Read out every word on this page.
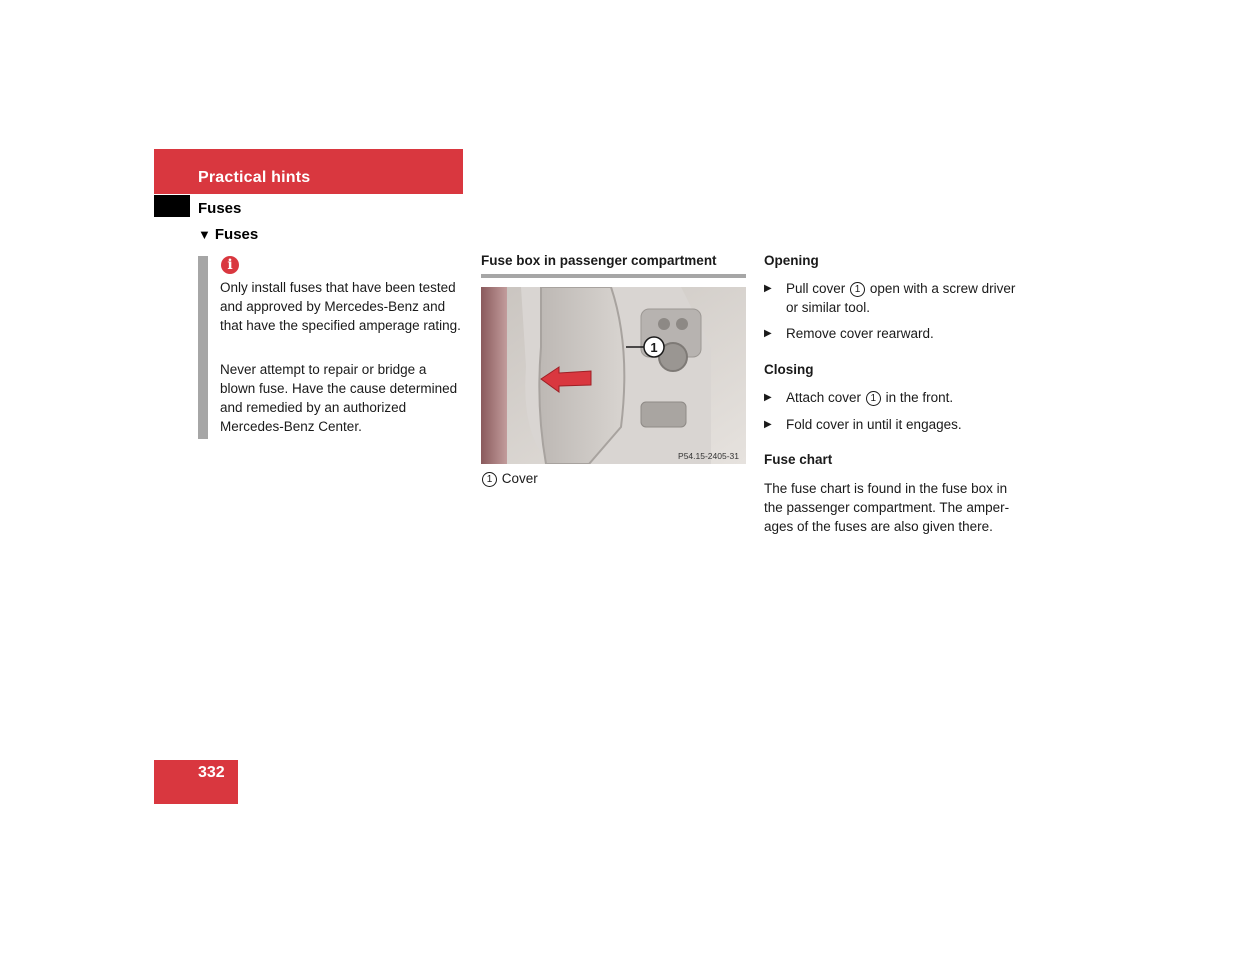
Practical hints
Fuses
▼ Fuses
i
Only install fuses that have been tested and approved by Mercedes-Benz and that have the specified amperage rating.
Never attempt to repair or bridge a blown fuse. Have the cause determined and remedied by an authorized Mercedes-Benz Center.
Fuse box in passenger compartment
1
P54.15-2405-31
1 Cover
Opening
▶ Pull cover 1 open with a screw driver or similar tool.
▶ Remove cover rearward.
Closing
▶ Attach cover 1 in the front.
▶ Fold cover in until it engages.
Fuse chart
The fuse chart is found in the fuse box in the passenger compartment. The amper-ages of the fuses are also given there.
332
